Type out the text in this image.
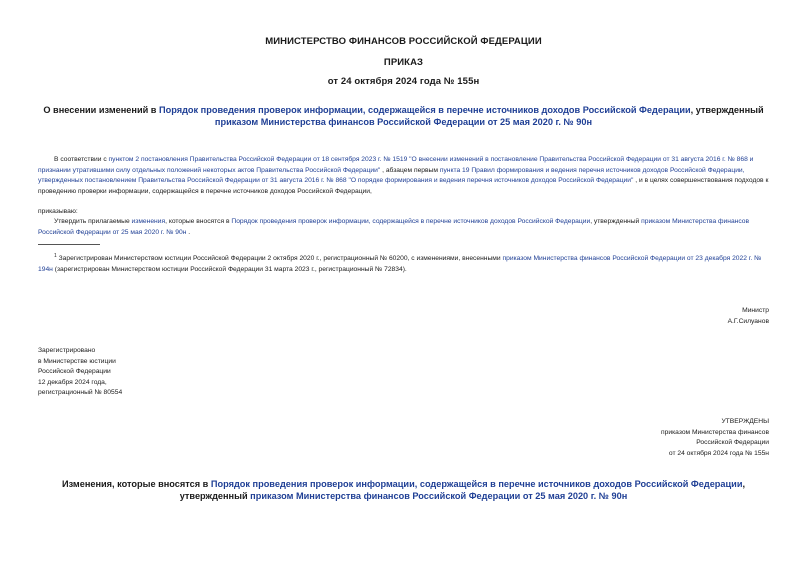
МИНИСТЕРСТВО ФИНАНСОВ РОССИЙСКОЙ ФЕДЕРАЦИИ
ПРИКАЗ
от 24 октября 2024 года № 155н
О внесении изменений в Порядок проведения проверок информации, содержащейся в перечне источников доходов Российской Федерации, утвержденный приказом Министерства финансов Российской Федерации от 25 мая 2020 г. № 90н
В соответствии с пунктом 2 постановления Правительства Российской Федерации от 18 сентября 2023 г. № 1519 "О внесении изменений в постановление Правительства Российской Федерации от 31 августа 2016 г. № 868 и признании утратившими силу отдельных положений некоторых актов Правительства Российской Федерации" , абзацем первым пункта 19 Правил формирования и ведения перечня источников доходов Российской Федерации, утвержденных постановлением Правительства Российской Федерации от 31 августа 2016 г. № 868 "О порядке формирования и ведения перечня источников доходов Российской Федерации" , и в целях совершенствования подходов к проведению проверки информации, содержащейся в перечне источников доходов Российской Федерации,
приказываю:
Утвердить прилагаемые изменения, которые вносятся в Порядок проведения проверок информации, содержащейся в перечне источников доходов Российской Федерации, утвержденный приказом Министерства финансов Российской Федерации от 25 мая 2020 г. № 90н .
$^1$ Зарегистрирован Министерством юстиции Российской Федерации 2 октября 2020 г., регистрационный № 60200, с изменениями, внесенными приказом Министерства финансов Российской Федерации от 23 декабря 2022 г. № 194н (зарегистрирован Министерством юстиции Российской Федерации 31 марта 2023 г., регистрационный № 72834).
Министр
А.Г.Силуанов
Зарегистрировано
в Министерстве юстиции
Российской Федерации
12 декабря 2024 года,
регистрационный № 80554
УТВЕРЖДЕНЫ
приказом Министерства финансов
Российской Федерации
от 24 октября 2024 года № 155н
Изменения, которые вносятся в Порядок проведения проверок информации, содержащейся в перечне источников доходов Российской Федерации, утвержденный приказом Министерства финансов Российской Федерации от 25 мая 2020 г. № 90н
